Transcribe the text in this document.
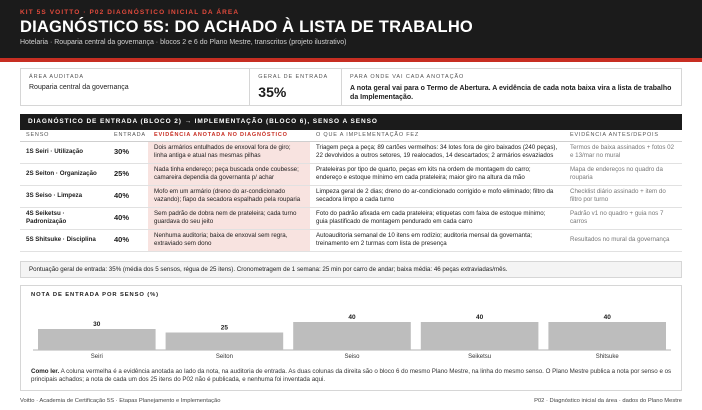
KIT 5S VOITTO · P02 DIAGNÓSTICO INICIAL DA ÁREA
DIAGNÓSTICO 5S: DO ACHADO À LISTA DE TRABALHO
Hotelaria · Rouparia central da governança · blocos 2 e 6 do Plano Mestre, transcritos (projeto ilustrativo)
ÁREA AUDITADA
Rouparia central da governança
GERAL DE ENTRADA
35%
PARA ONDE VAI CADA ANOTAÇÃO
A nota geral vai para o Termo de Abertura. A evidência de cada nota baixa vira a lista de trabalho da Implementação.
DIAGNÓSTICO DE ENTRADA (BLOCO 2) → IMPLEMENTAÇÃO (BLOCO 6), SENSO A SENSO
SENSO	ENTRADA	EVIDÊNCIA ANOTADA NO DIAGNÓSTICO	O QUE A IMPLEMENTAÇÃO FEZ	EVIDÊNCIA ANTES/DEPOIS
1S Seiri · Utilização	30%	Dois armários entulhados de enxoval fora de giro; linha antiga e atual nas mesmas pilhas	Triagem peça a peça; 89 cartões vermelhos: 34 lotes fora de giro baixados (240 peças), 22 devolvidos a outros setores, 19 realocados, 14 descartados; 2 armários esvaziados	Termos de baixa assinados + fotos 02 e 13/mar no mural
2S Seiton · Organização	25%	Nada tinha endereço; peça buscada onde coubesse; camareira dependia da governanta p/ achar	Prateleiras por tipo de quarto, peças em kits na ordem de montagem do carro; endereço e estoque mínimo em cada prateleira; maior giro na altura da mão	Mapa de endereços no quadro da rouparia
3S Seiso · Limpeza	40%	Mofo em um armário (dreno do ar-condicionado vazando); fiapo da secadora espalhado pela rouparia	Limpeza geral de 2 dias; dreno do ar-condicionado corrigido e mofo eliminado; filtro da secadora limpo a cada turno	Checklist diário assinado + item do filtro por turno
4S Seiketsu · Padronização	40%	Sem padrão de dobra nem de prateleira; cada turno guardava do seu jeito	Foto do padrão afixada em cada prateleira; etiquetas com faixa de estoque mínimo; guia plastificado de montagem pendurado em cada carro	Padrão v1 no quadro + guia nos 7 carros
5S Shitsuke · Disciplina	40%	Nenhuma auditoria; baixa de enxoval sem regra, extraviado sem dono	Autoauditoria semanal de 10 itens em rodízio; auditoria mensal da governanta; treinamento em 2 turmas com lista de presença	Resultados no mural da governança
Pontuação geral de entrada: 35% (média dos 5 sensos, régua de 25 itens). Cronometragem de 1 semana: 25 min por carro de andar; baixa média: 46 peças extraviadas/mês.
30
Seiri
25
Seiton
40
Seiso
40
Seiketsu
40
Shitsuke
NOTA DE ENTRADA POR SENSO (%)
Como ler. A coluna vermelha é a evidência anotada ao lado da nota, na auditoria de entrada. As duas colunas da direita são o bloco 6 do mesmo Plano Mestre, na linha do mesmo senso. O Plano Mestre publica a nota por senso e os principais achados; a nota de cada um dos 25 itens do P02 não é publicada, e nenhuma foi inventada aqui.
Voitto · Academia de Certificação 5S · Etapas Planejamento e Implementação	P02 · Diagnóstico inicial da área · dados do Plano Mestre
